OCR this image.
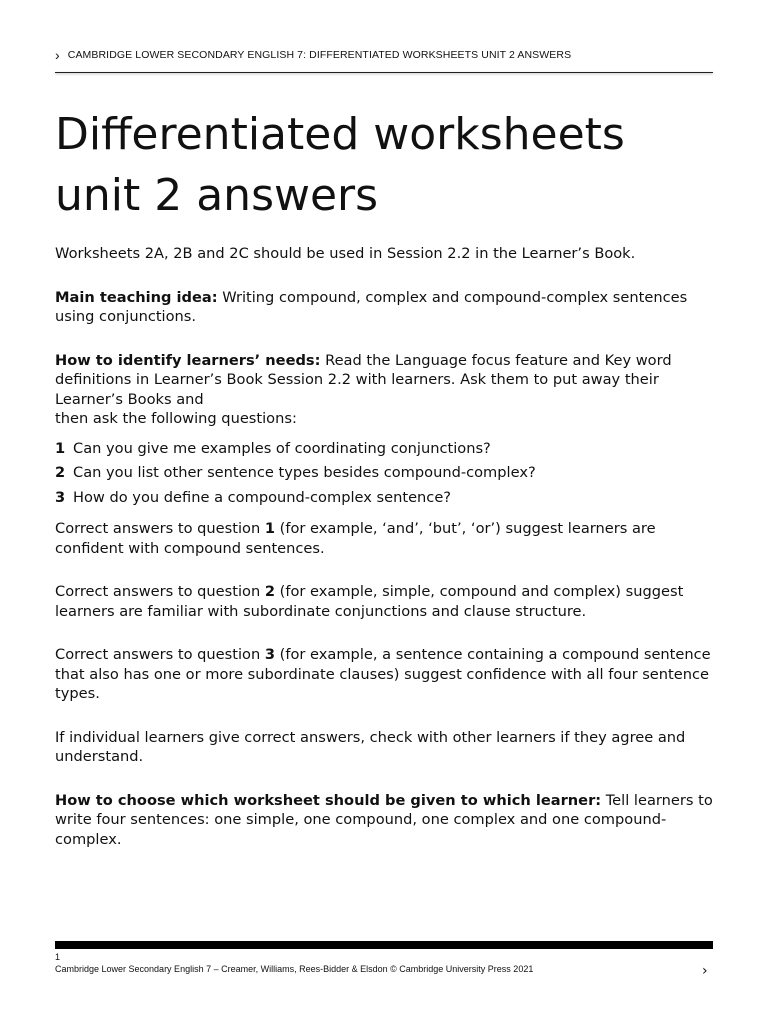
› CAMBRIDGE LOWER SECONDARY ENGLISH 7: DIFFERENTIATED WORKSHEETS UNIT 2 ANSWERS
Differentiated worksheets
unit 2 answers

Worksheets 2A, 2B and 2C should be used in Session 2.2 in the Learner’s Book.

Main teaching idea: Writing compound, complex and compound-complex sentences using conjunctions.

How to identify learners’ needs: Read the Language focus feature and Key word definitions in Learner’s Book Session 2.2 with learners. Ask them to put away their Learner’s Books and
then ask the following questions:

1 Can you give me examples of coordinating conjunctions?
2 Can you list other sentence types besides compound-complex?
3 How do you define a compound-complex sentence?

Correct answers to question 1 (for example, ‘and’, ‘but’, ‘or’) suggest learners are confident with compound sentences.

Correct answers to question 2 (for example, simple, compound and complex) suggest learners are familiar with subordinate conjunctions and clause structure.

Correct answers to question 3 (for example, a sentence containing a compound sentence that also has one or more subordinate clauses) suggest confidence with all four sentence types.

If individual learners give correct answers, check with other learners if they agree and understand.

How to choose which worksheet should be given to which learner: Tell learners to write four sentences: one simple, one compound, one complex and one compound-complex.

1
Cambridge Lower Secondary English 7 – Creamer, Williams, Rees-Bidder & Elsdon © Cambridge University Press 2021	›
